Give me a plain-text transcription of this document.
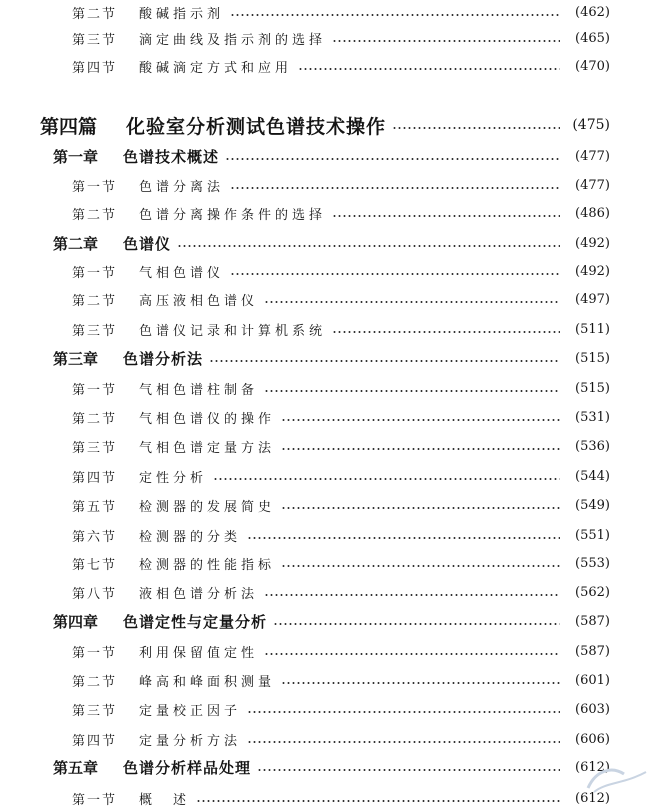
第二节	酸碱指示剂	(462)
第三节	滴定曲线及指示剂的选择	(465)
第四节	酸碱滴定方式和应用	(470)
第四篇	化验室分析测试色谱技术操作	(475)
第一章	色谱技术概述	(477)
第一节	色谱分离法	(477)
第二节	色谱分离操作条件的选择	(486)
第二章	色谱仪	(492)
第一节	气相色谱仪	(492)
第二节	高压液相色谱仪	(497)
第三节	色谱仪记录和计算机系统	(511)
第三章	色谱分析法	(515)
第一节	气相色谱柱制备	(515)
第二节	气相色谱仪的操作	(531)
第三节	气相色谱定量方法	(536)
第四节	定性分析	(544)
第五节	检测器的发展简史	(549)
第六节	检测器的分类	(551)
第七节	检测器的性能指标	(553)
第八节	液相色谱分析法	(562)
第四章	色谱定性与定量分析	(587)
第一节	利用保留值定性	(587)
第二节	峰高和峰面积测量	(601)
第三节	定量校正因子	(603)
第四节	定量分析方法	(606)
第五章	色谱分析样品处理	(612)
第一节	概　述	(612)
